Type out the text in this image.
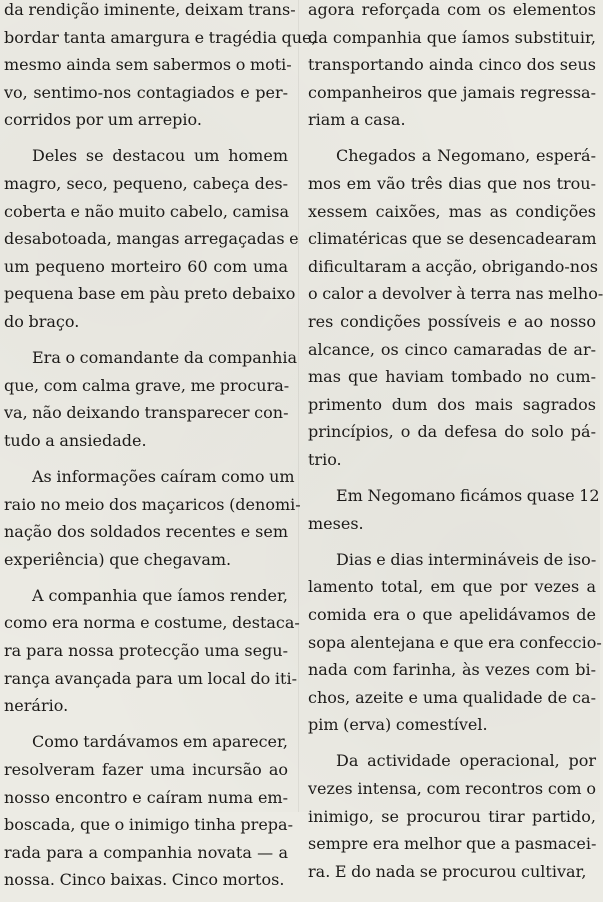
da rendição iminente, deixam trans-
bordar tanta amargura e tragédia que,
mesmo ainda sem sabermos o moti-
vo, sentimo-nos contagiados e per-
corridos por um arrepio.

Deles se destacou um homem
magro, seco, pequeno, cabeça des-
coberta e não muito cabelo, camisa
desabotoada, mangas arregaçadas e
um pequeno morteiro 60 com uma
pequena base em pàu preto debaixo
do braço.

Era o comandante da companhia
que, com calma grave, me procura-
va, não deixando transparecer con-
tudo a ansiedade.

As informações caíram como um
raio no meio dos maçaricos (denomi-
nação dos soldados recentes e sem
experiência) que chegavam.

A companhia que íamos render,
como era norma e costume, destaca-
ra para nossa protecção uma segu-
rança avançada para um local do iti-
nerário.

Como tardávamos em aparecer,
resolveram fazer uma incursão ao
nosso encontro e caíram numa em-
boscada, que o inimigo tinha prepa-
rada para a companhia novata — a
nossa. Cinco baixas. Cinco mortos.

agora reforçada com os elementos
da companhia que íamos substituir,
transportando ainda cinco dos seus
companheiros que jamais regressa-
riam a casa.

Chegados a Negomano, esperá-
mos em vão três dias que nos trou-
xessem caixões, mas as condições
climatéricas que se desencadearam
dificultaram a acção, obrigando-nos
o calor a devolver à terra nas melho-
res condições possíveis e ao nosso
alcance, os cinco camaradas de ar-
mas que haviam tombado no cum-
primento dum dos mais sagrados
princípios, o da defesa do solo pá-
trio.

Em Negomano ficámos quase 12
meses.

Dias e dias intermináveis de iso-
lamento total, em que por vezes a
comida era o que apelidávamos de
sopa alentejana e que era confeccio-
nada com farinha, às vezes com bi-
chos, azeite e uma qualidade de ca-
pim (erva) comestível.

Da actividade operacional, por
vezes intensa, com recontros com o
inimigo, se procurou tirar partido,
sempre era melhor que a pasmacei-
ra. E do nada se procurou cultivar,
